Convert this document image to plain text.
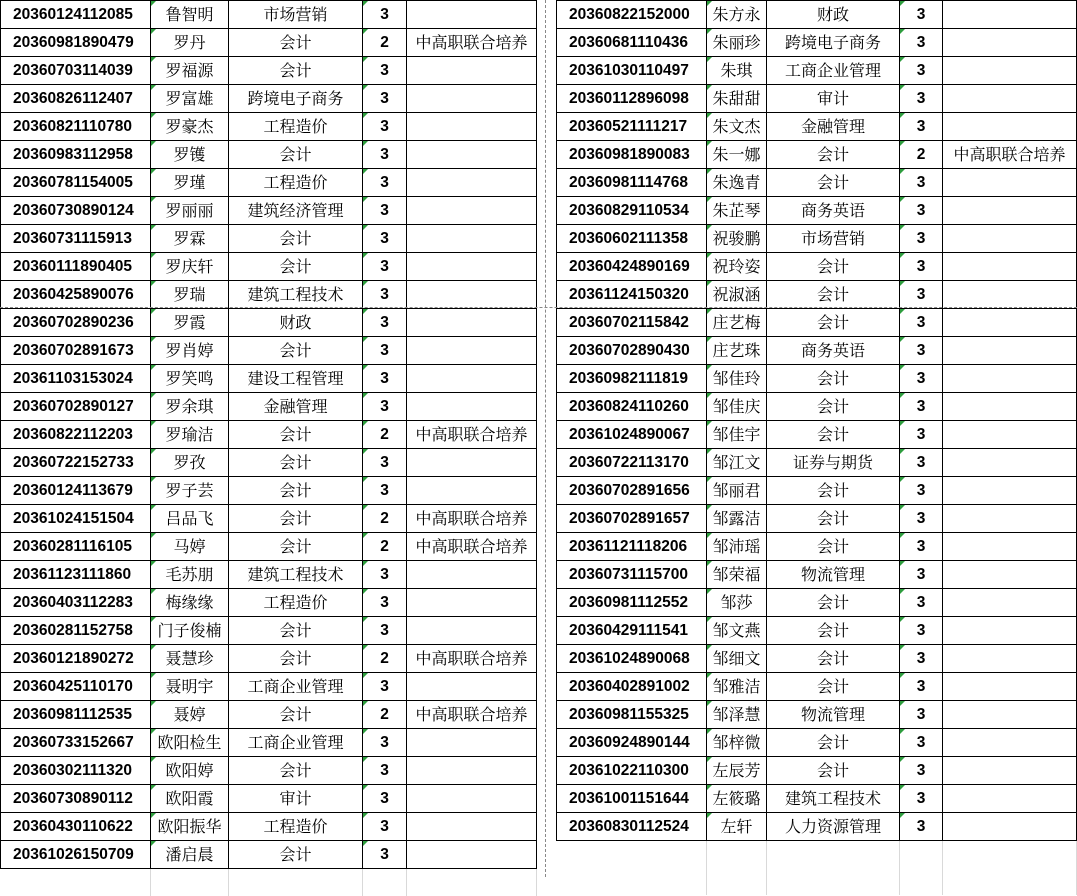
20360124112085	鲁智明	市场营销	3	
20360981890479	罗丹	会计	2	中高职联合培养
20360703114039	罗福源	会计	3	
20360826112407	罗富雄	跨境电子商务	3	
20360821110780	罗豪杰	工程造价	3	
20360983112958	罗镬	会计	3	
20360781154005	罗瑾	工程造价	3	
20360730890124	罗丽丽	建筑经济管理	3	
20360731115913	罗霖	会计	3	
20360111890405	罗庆轩	会计	3	
20360425890076	罗瑞	建筑工程技术	3	
20360702890236	罗霞	财政	3	
20360702891673	罗肖婷	会计	3	
20361103153024	罗笑鸣	建设工程管理	3	
20360702890127	罗余琪	金融管理	3	
20360822112203	罗瑜洁	会计	2	中高职联合培养
20360722152733	罗孜	会计	3	
20360124113679	罗子芸	会计	3	
20361024151504	吕品飞	会计	2	中高职联合培养
20360281116105	马婷	会计	2	中高职联合培养
20361123111860	毛苏朋	建筑工程技术	3	
20360403112283	梅缘缘	工程造价	3	
20360281152758	门子俊楠	会计	3	
20360121890272	聂慧珍	会计	2	中高职联合培养
20360425110170	聂明宇	工商企业管理	3	
20360981112535	聂婷	会计	2	中高职联合培养
20360733152667	欧阳检生	工商企业管理	3	
20360302111320	欧阳婷	会计	3	
20360730890112	欧阳霞	审计	3	
20360430110622	欧阳振华	工程造价	3	
20361026150709	潘启晨	会计	3	

20360822152000	朱方永	财政	3	
20360681110436	朱丽珍	跨境电子商务	3	
20361030110497	朱琪	工商企业管理	3	
20360112896098	朱甜甜	审计	3	
20360521111217	朱文杰	金融管理	3	
20360981890083	朱一娜	会计	2	中高职联合培养
20360981114768	朱逸青	会计	3	
20360829110534	朱芷琴	商务英语	3	
20360602111358	祝骏鹏	市场营销	3	
20360424890169	祝玲姿	会计	3	
20361124150320	祝淑涵	会计	3	
20360702115842	庄艺梅	会计	3	
20360702890430	庄艺珠	商务英语	3	
20360982111819	邹佳玲	会计	3	
20360824110260	邹佳庆	会计	3	
20361024890067	邹佳宇	会计	3	
20360722113170	邹江文	证券与期货	3	
20360702891656	邹丽君	会计	3	
20360702891657	邹露洁	会计	3	
20361121118206	邹沛瑶	会计	3	
20360731115700	邹荣福	物流管理	3	
20360981112552	邹莎	会计	3	
20360429111541	邹文燕	会计	3	
20361024890068	邹细文	会计	3	
20360402891002	邹雅洁	会计	3	
20360981155325	邹泽慧	物流管理	3	
20360924890144	邹梓微	会计	3	
20361022110300	左辰芳	会计	3	
20361001151644	左筱璐	建筑工程技术	3	
20360830112524	左轩	人力资源管理	3	
